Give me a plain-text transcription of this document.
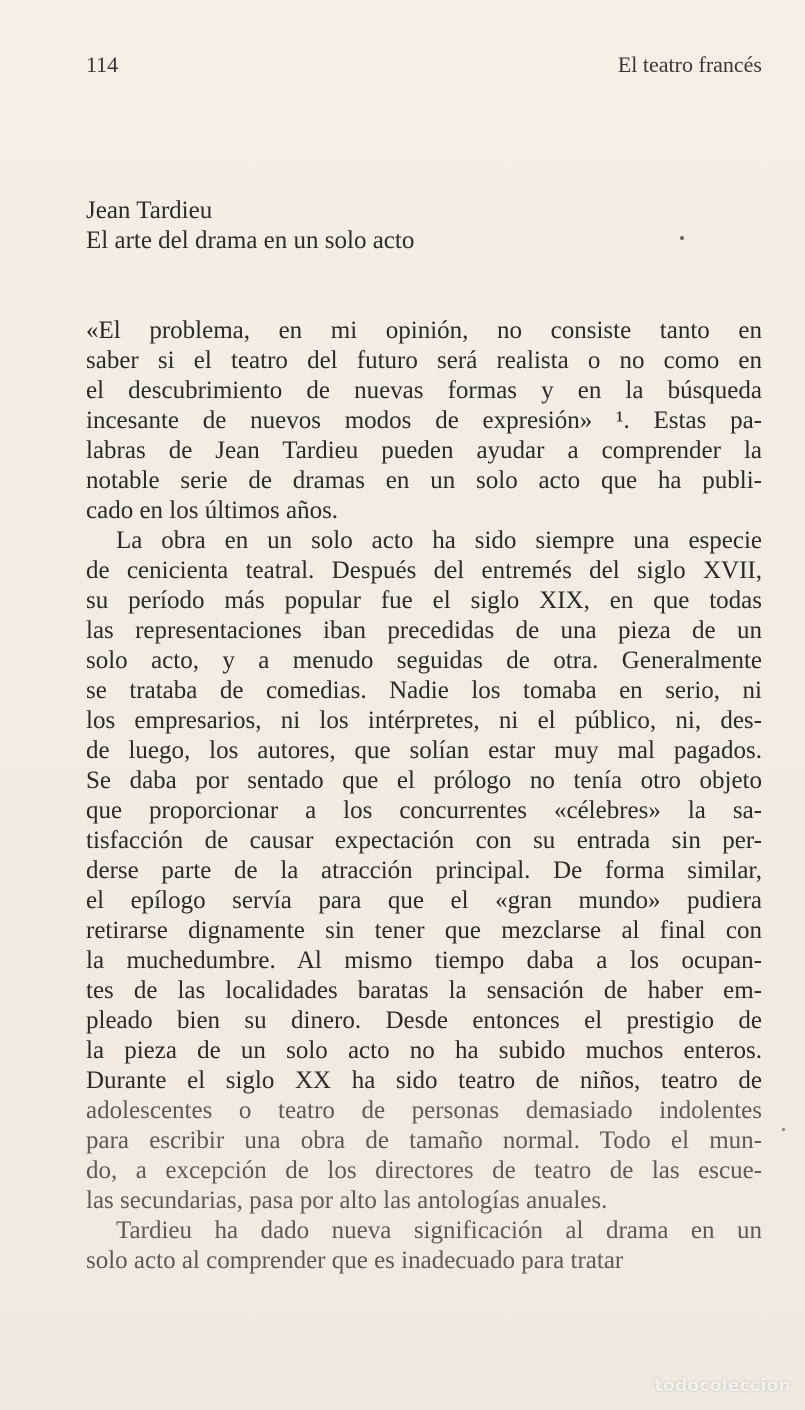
114	El teatro francés
Jean Tardieu
El arte del drama en un solo acto
«El problema, en mi opinión, no consiste tanto en
saber si el teatro del futuro será realista o no como en
el descubrimiento de nuevas formas y en la búsqueda
incesante de nuevos modos de expresión» ¹. Estas pa-
labras de Jean Tardieu pueden ayudar a comprender la
notable serie de dramas en un solo acto que ha publi-
cado en los últimos años.
La obra en un solo acto ha sido siempre una especie
de cenicienta teatral. Después del entremés del siglo XVII,
su período más popular fue el siglo XIX, en que todas
las representaciones iban precedidas de una pieza de un
solo acto, y a menudo seguidas de otra. Generalmente
se trataba de comedias. Nadie los tomaba en serio, ni
los empresarios, ni los intérpretes, ni el público, ni, des-
de luego, los autores, que solían estar muy mal pagados.
Se daba por sentado que el prólogo no tenía otro objeto
que proporcionar a los concurrentes «célebres» la sa-
tisfacción de causar expectación con su entrada sin per-
derse parte de la atracción principal. De forma similar,
el epílogo servía para que el «gran mundo» pudiera
retirarse dignamente sin tener que mezclarse al final con
la muchedumbre. Al mismo tiempo daba a los ocupan-
tes de las localidades baratas la sensación de haber em-
pleado bien su dinero. Desde entonces el prestigio de
la pieza de un solo acto no ha subido muchos enteros.
Durante el siglo XX ha sido teatro de niños, teatro de
adolescentes o teatro de personas demasiado indolentes
para escribir una obra de tamaño normal. Todo el mun-
do, a excepción de los directores de teatro de las escue-
las secundarias, pasa por alto las antologías anuales.
Tardieu ha dado nueva significación al drama en un
solo acto al comprender que es inadecuado para tratar
todocoleccion
